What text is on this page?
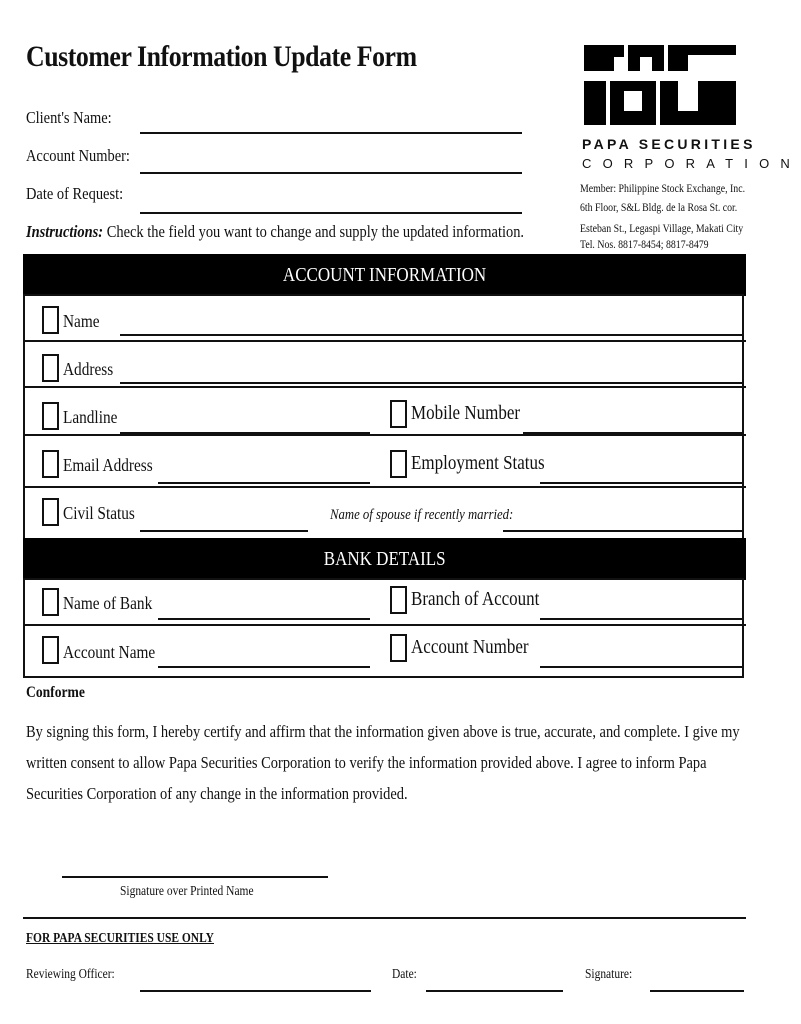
Customer Information Update Form
Client's Name:
Account Number:
Date of Request:
Instructions: Check the field you want to change and supply the updated information.
PAPA SECURITIES
CORPORATION
Member: Philippine Stock Exchange, Inc.
6th Floor, S&L Bldg. de la Rosa St. cor.
Esteban St., Legaspi Village, Makati City
Tel. Nos. 8817-8454; 8817-8479
ACCOUNT INFORMATION
Name
Address
Landline	Mobile Number
Email Address	Employment Status
Civil Status	Name of spouse if recently married:
BANK DETAILS
Name of Bank	Branch of Account
Account Name	Account Number
Conforme
By signing this form, I hereby certify and affirm that the information given above is true, accurate, and complete. I give my written consent to allow Papa Securities Corporation to verify the information provided above. I agree to inform Papa Securities Corporation of any change in the information provided.
Signature over Printed Name
FOR PAPA SECURITIES USE ONLY
Reviewing Officer:	Date:	Signature:
